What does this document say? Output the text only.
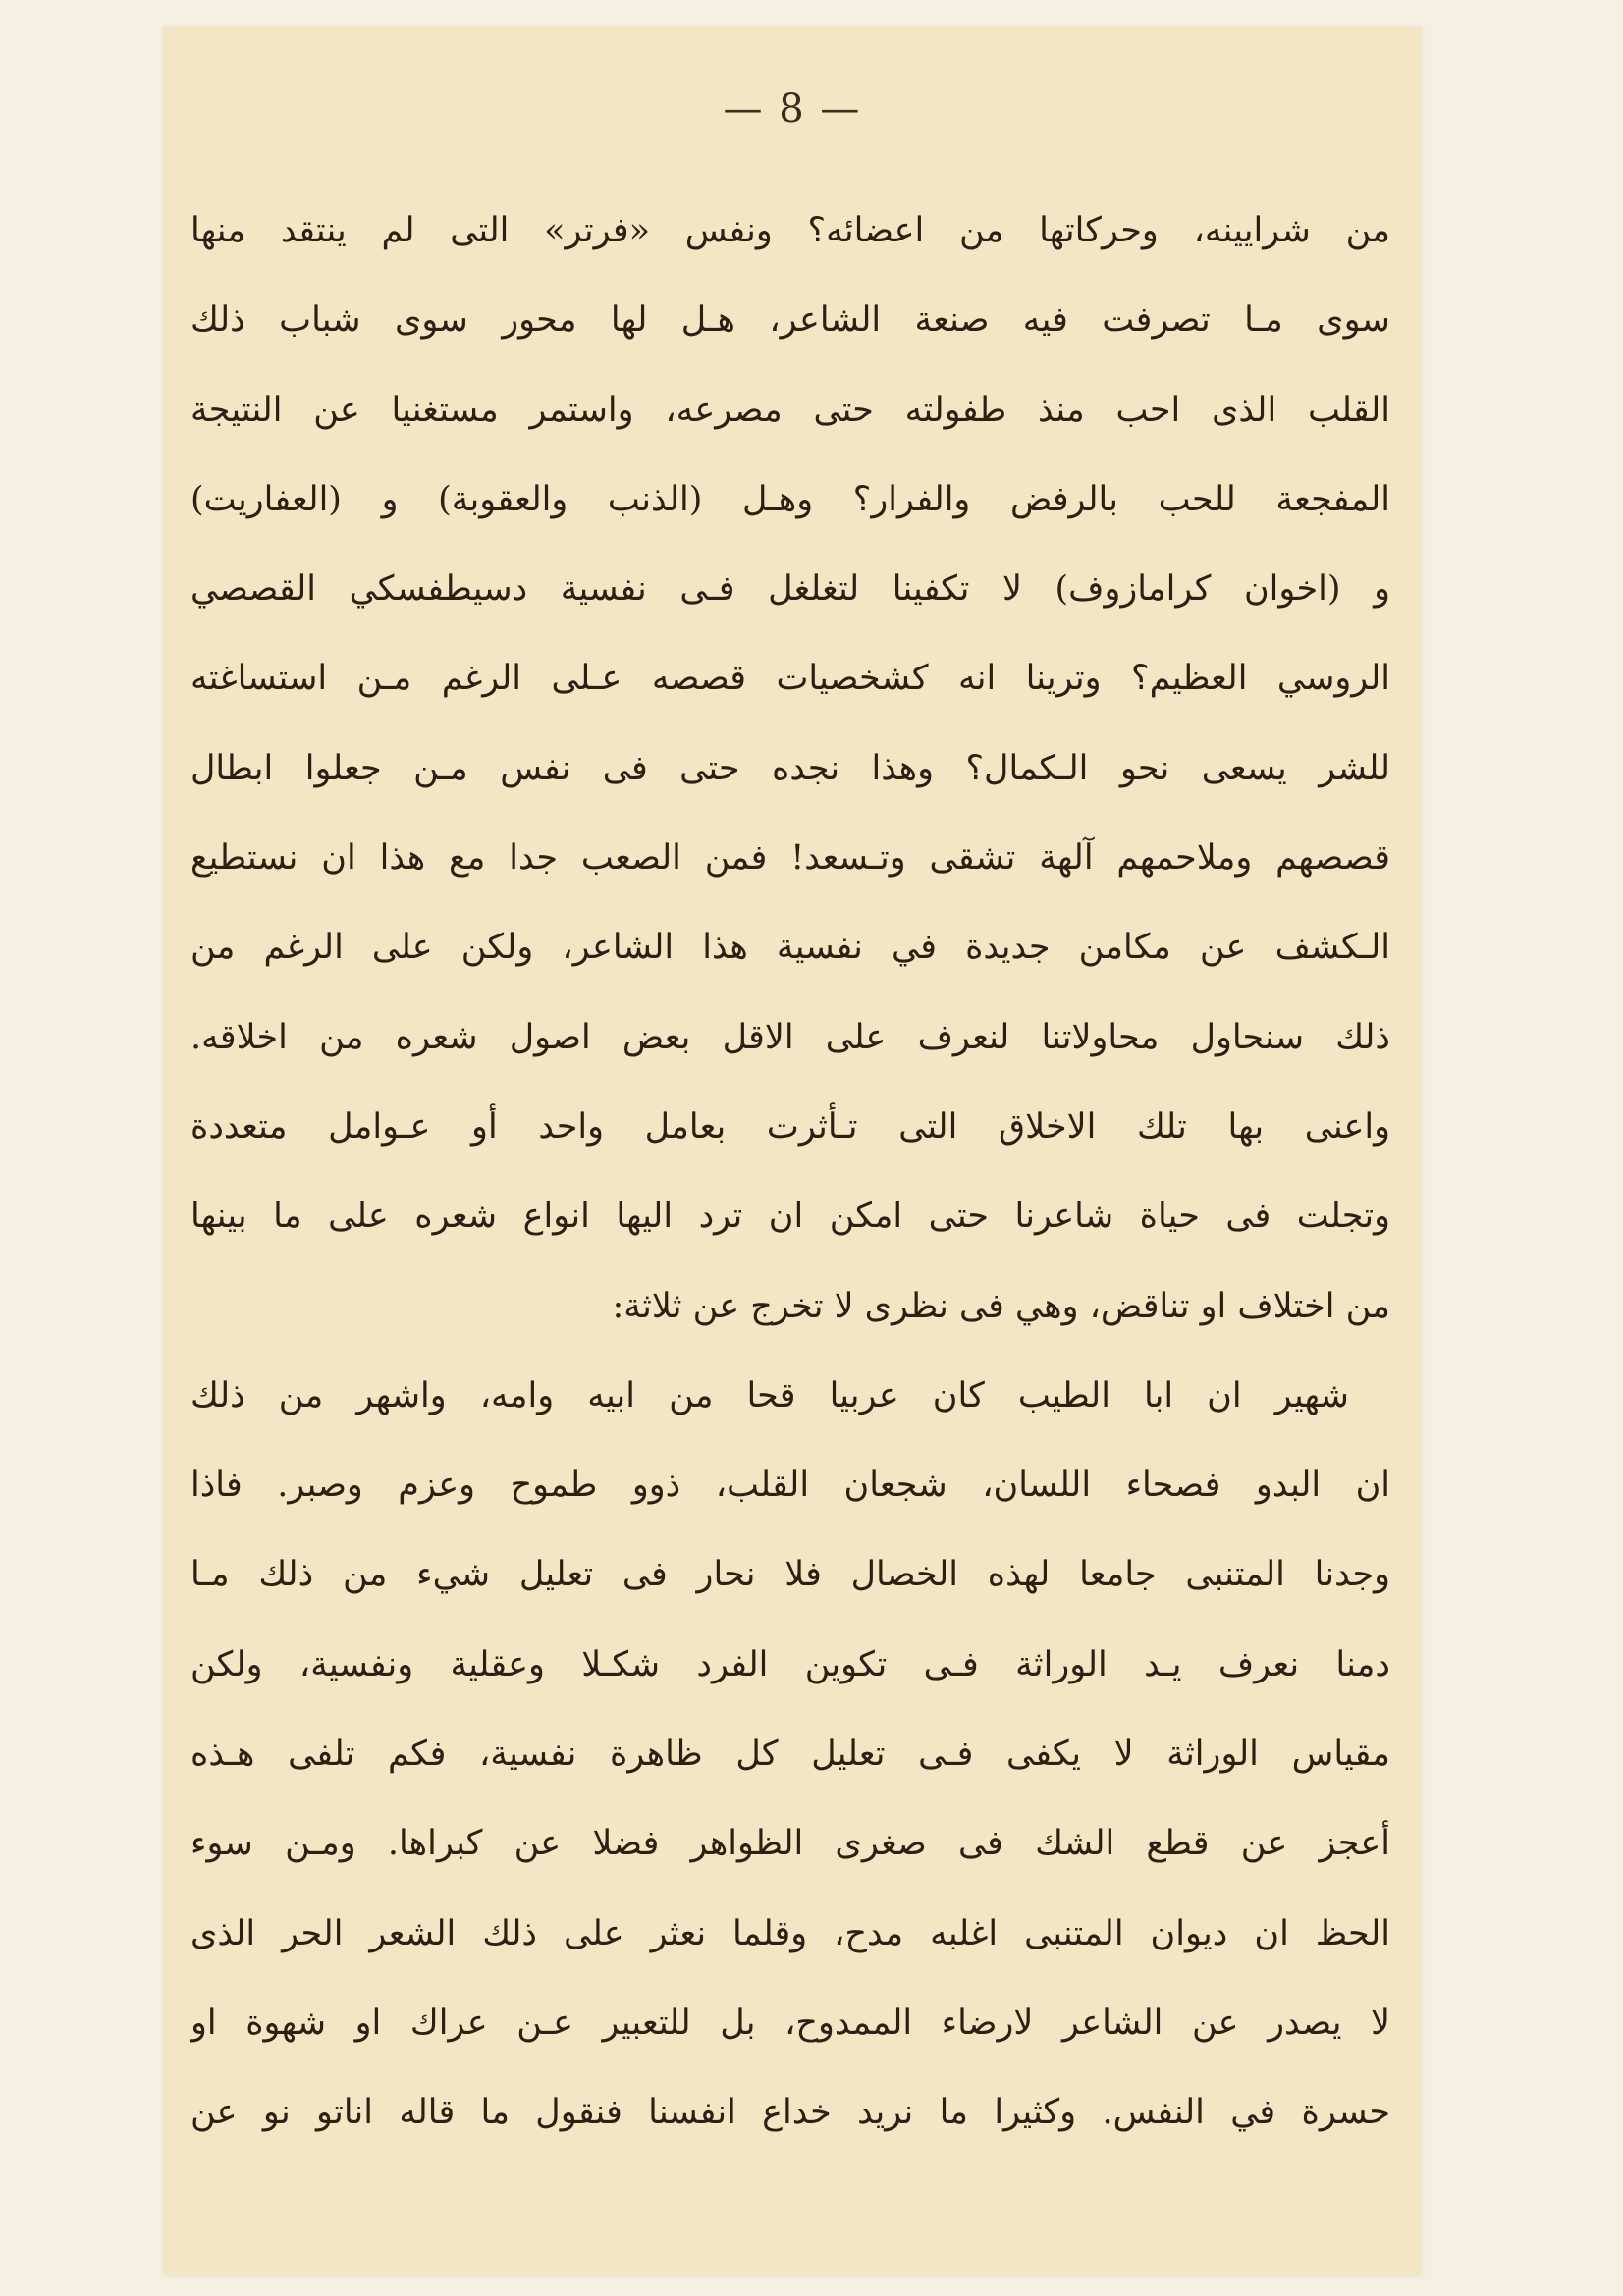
— 8 —
من شرايينه، وحركاتها من اعضائه؟ ونفس «فرتر» التى لم ينتقد منها
سوى مـا تصرفت فيه صنعة الشاعر، هـل لها محور سوى شباب ذلك
القلب الذى احب منذ طفولته حتى مصرعه، واستمر مستغنيا عن النتيجة
المفجعة للحب بالرفض والفرار؟ وهـل (الذنب والعقوبة) و (العفاريت)
و (اخوان كرامازوف) لا تكفينا لتغلغل فـى نفسية دسيطفسكي القصصي
الروسي العظيم؟ وترينا انه كشخصيات قصصه عـلى الرغم مـن استساغته
للشر يسعى نحو الـكمال؟ وهذا نجده حتى فى نفس مـن جعلوا ابطال
قصصهم وملاحمهم آلهة تشقى وتـسعد! فمن الصعب جدا مع هذا ان نستطيع
الـكشف عن مكامن جديدة في نفسية هذا الشاعر، ولكن على الرغم من
ذلك سنحاول محاولاتنا لنعرف على الاقل بعض اصول شعره من اخلاقه.
واعنى بها تلك الاخلاق التى تـأثرت بعامل واحد أو عـوامل متعددة
وتجلت فى حياة شاعرنا حتى امكن ان ترد اليها انواع شعره على ما بينها
من اختلاف او تناقض، وهي فى نظرى لا تخرج عن ثلاثة:
شهير ان ابا الطيب كان عربيا قحا من ابيه وامه، واشهر من ذلك
ان البدو فصحاء اللسان، شجعان القلب، ذوو طموح وعزم وصبر. فاذا
وجدنا المتنبى جامعا لهذه الخصال فلا نحار فى تعليل شيء من ذلك مـا
دمنا نعرف يـد الوراثة فـى تكوين الفرد شكـلا وعقلية ونفسية، ولكن
مقياس الوراثة لا يكفى فـى تعليل كل ظاهرة نفسية، فكم تلفى هـذه
أعجز عن قطع الشك فى صغرى الظواهر فضلا عن كبراها. ومـن سوء
الحظ ان ديوان المتنبى اغلبه مدح، وقلما نعثر على ذلك الشعر الحر الذى
لا يصدر عن الشاعر لارضاء الممدوح، بل للتعبير عـن عراك او شهوة او
حسرة في النفس. وكثيرا ما نريد خداع انفسنا فنقول ما قاله اناتو نو عن
